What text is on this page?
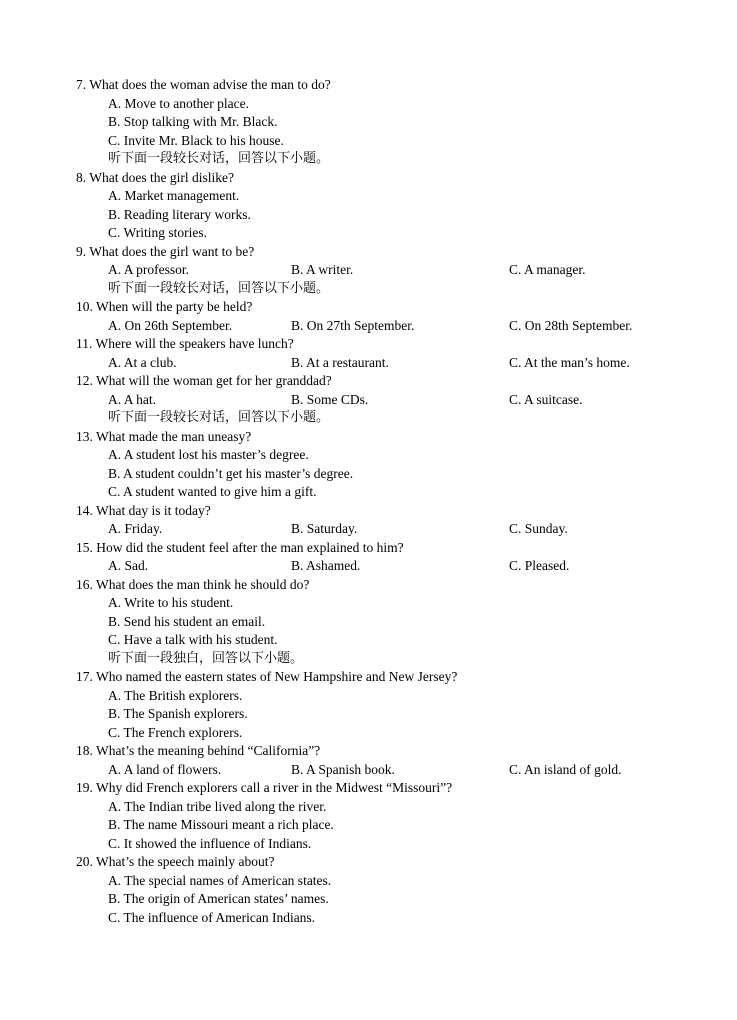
7. What does the woman advise the man to do?
A. Move to another place.
B. Stop talking with Mr. Black.
C. Invite Mr. Black to his house.
听下面一段较长对话，回答以下小题。
8. What does the girl dislike?
A. Market management.
B. Reading literary works.
C. Writing stories.
9. What does the girl want to be?
A. A professor.	B. A writer.	C. A manager.
听下面一段较长对话，回答以下小题。
10. When will the party be held?
A. On 26th September.	B. On 27th September.	C. On 28th September.
11. Where will the speakers have lunch?
A. At a club.	B. At a restaurant.	C. At the man’s home.
12. What will the woman get for her granddad?
A. A hat.	B. Some CDs.	C. A suitcase.
听下面一段较长对话，回答以下小题。
13. What made the man uneasy?
A. A student lost his master’s degree.
B. A student couldn’t get his master’s degree.
C. A student wanted to give him a gift.
14. What day is it today?
A. Friday.	B. Saturday.	C. Sunday.
15. How did the student feel after the man explained to him?
A. Sad.	B. Ashamed.	C. Pleased.
16. What does the man think he should do?
A. Write to his student.
B. Send his student an email.
C. Have a talk with his student.
听下面一段独白，回答以下小题。
17. Who named the eastern states of New Hampshire and New Jersey?
A. The British explorers.
B. The Spanish explorers.
C. The French explorers.
18. What’s the meaning behind “California”?
A. A land of flowers.	B. A Spanish book.	C. An island of gold.
19. Why did French explorers call a river in the Midwest “Missouri”?
A. The Indian tribe lived along the river.
B. The name Missouri meant a rich place.
C. It showed the influence of Indians.
20. What’s the speech mainly about?
A. The special names of American states.
B. The origin of American states’ names.
C. The influence of American Indians.
